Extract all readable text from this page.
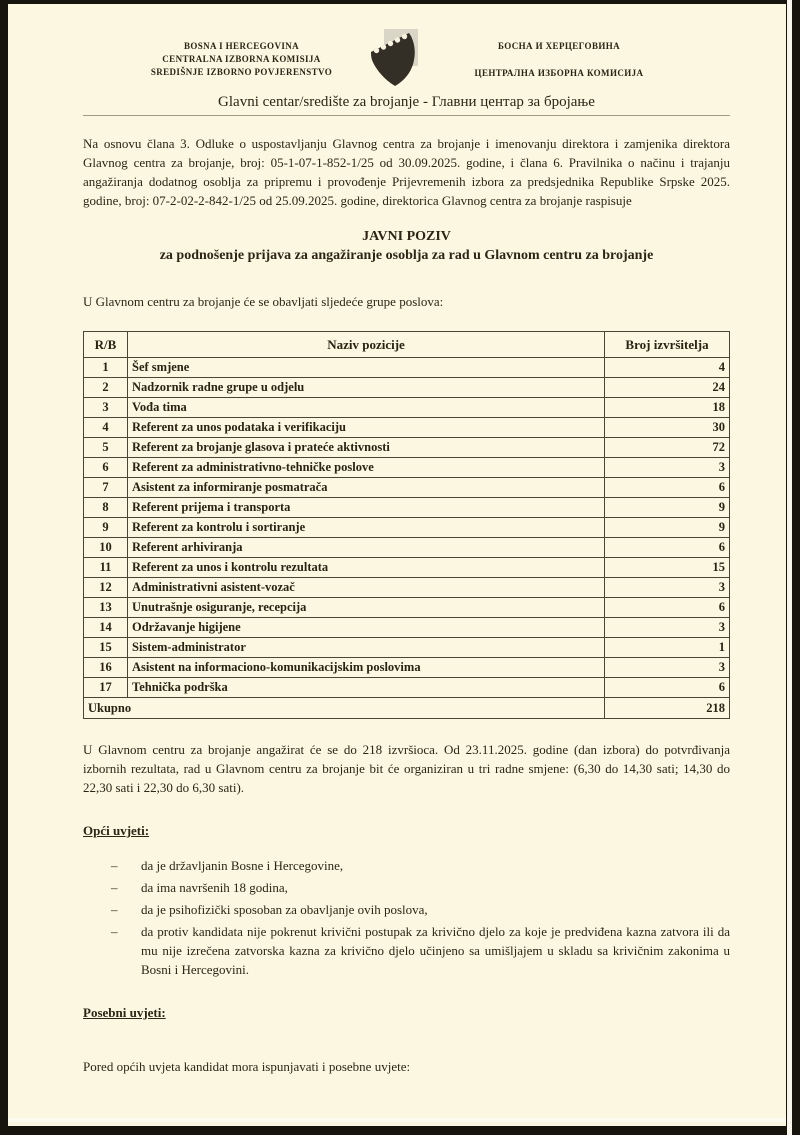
BOSNA I HERCEGOVINA
CENTRALNA IZBORNA KOMISIJA
SREDIŠNJE IZBORNO POVJERENSTVO
БОСНА И ХЕРЦЕГОВИНА
ЦЕНТРАЛНА ИЗБОРНА КОМИСИЈА
Glavni centar/središte za brojanje - Главни центар за бројање

Na osnovu člana 3. Odluke o uspostavljanju Glavnog centra za brojanje i imenovanju direktora i zamjenika direktora Glavnog centra za brojanje, broj: 05-1-07-1-852-1/25 od 30.09.2025. godine, i člana 6. Pravilnika o načinu i trajanju angažiranja dodatnog osoblja za pripremu i provođenje Prijevremenih izbora za predsjednika Republike Srpske 2025. godine, broj: 07-2-02-2-842-1/25 od 25.09.2025. godine, direktorica Glavnog centra za brojanje raspisuje

JAVNI POZIV
za podnošenje prijava za angažiranje osoblja za rad u Glavnom centru za brojanje

U Glavnom centru za brojanje će se obavljati sljedeće grupe poslova:

R/B	Naziv pozicije	Broj izvršitelja
1	Šef smjene	4
2	Nadzornik radne grupe u odjelu	24
3	Vođa tima	18
4	Referent za unos podataka i verifikaciju	30
5	Referent za brojanje glasova i prateće aktivnosti	72
6	Referent za administrativno-tehničke poslove	3
7	Asistent za informiranje posmatrača	6
8	Referent prijema i transporta	9
9	Referent za kontrolu i sortiranje	9
10	Referent arhiviranja	6
11	Referent za unos i kontrolu rezultata	15
12	Administrativni asistent-vozač	3
13	Unutrašnje osiguranje, recepcija	6
14	Održavanje higijene	3
15	Sistem-administrator	1
16	Asistent na informaciono-komunikacijskim poslovima	3
17	Tehnička podrška	6
Ukupno		218

U Glavnom centru za brojanje angažirat će se do 218 izvršioca. Od 23.11.2025. godine (dan izbora) do potvrđivanja izbornih rezultata, rad u Glavnom centru za brojanje bit će organiziran u tri radne smjene: (6,30 do 14,30 sati; 14,30 do 22,30 sati i 22,30 do 6,30 sati).

Opći uvjeti:
–	da je državljanin Bosne i Hercegovine,
–	da ima navršenih 18 godina,
–	da je psihofizički sposoban za obavljanje ovih poslova,
–	da protiv kandidata nije pokrenut krivični postupak za krivično djelo za koje je predviđena kazna zatvora ili da mu nije izrečena zatvorska kazna za krivično djelo učinjeno sa umišljajem u skladu sa krivičnim zakonima u Bosni i Hercegovini.
Posebni uvjeti:

Pored općih uvjeta kandidat mora ispunjavati i posebne uvjete:
